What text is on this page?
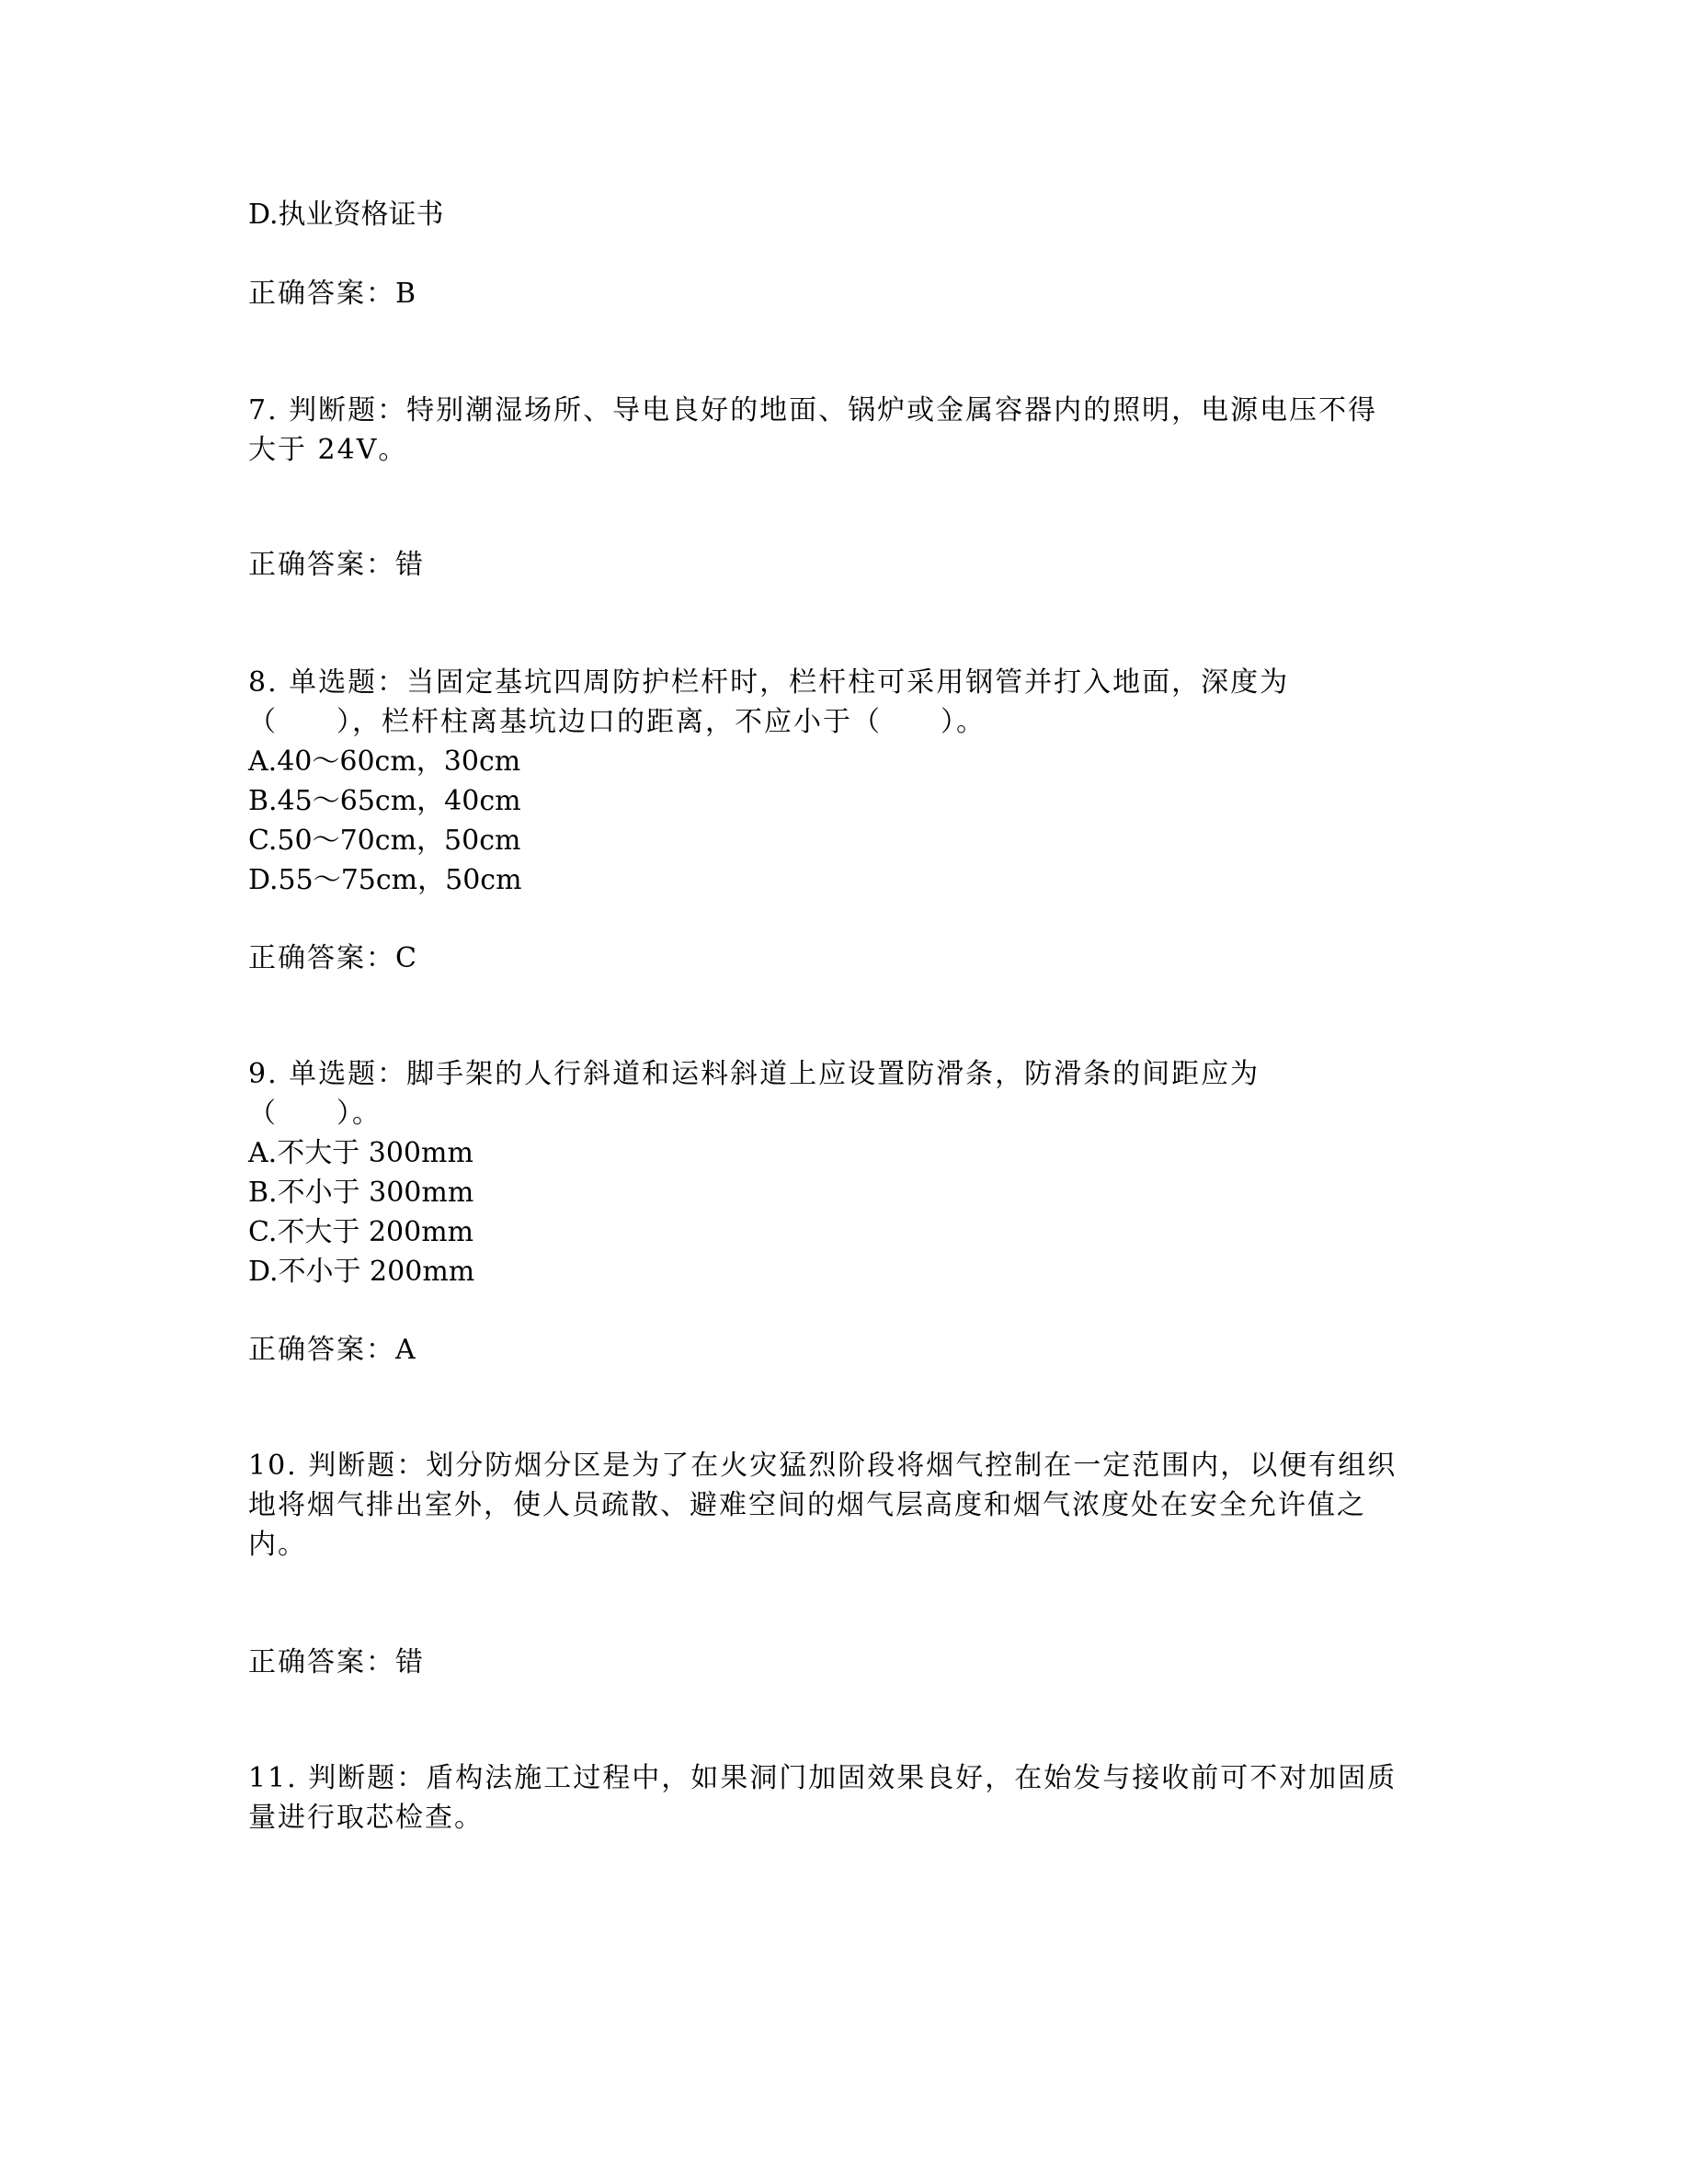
D.执业资格证书

正确答案：B

7. 判断题：特别潮湿场所、导电良好的地面、锅炉或金属容器内的照明，电源电压不得

大于 24V。

正确答案：错

8. 单选题：当固定基坑四周防护栏杆时，栏杆柱可采用钢管并打入地面，深度为

（　　），栏杆柱离基坑边口的距离，不应小于（　　）。

A.40～60cm，30cm

B.45～65cm，40cm

C.50～70cm，50cm

D.55～75cm，50cm

正确答案：C

9. 单选题：脚手架的人行斜道和运料斜道上应设置防滑条，防滑条的间距应为

（　　）。

A.不大于 300mm

B.不小于 300mm

C.不大于 200mm

D.不小于 200mm

正确答案：A

10. 判断题：划分防烟分区是为了在火灾猛烈阶段将烟气控制在一定范围内，以便有组织

地将烟气排出室外，使人员疏散、避难空间的烟气层高度和烟气浓度处在安全允许值之

内。

正确答案：错

11. 判断题：盾构法施工过程中，如果洞门加固效果良好，在始发与接收前可不对加固质

量进行取芯检查。
